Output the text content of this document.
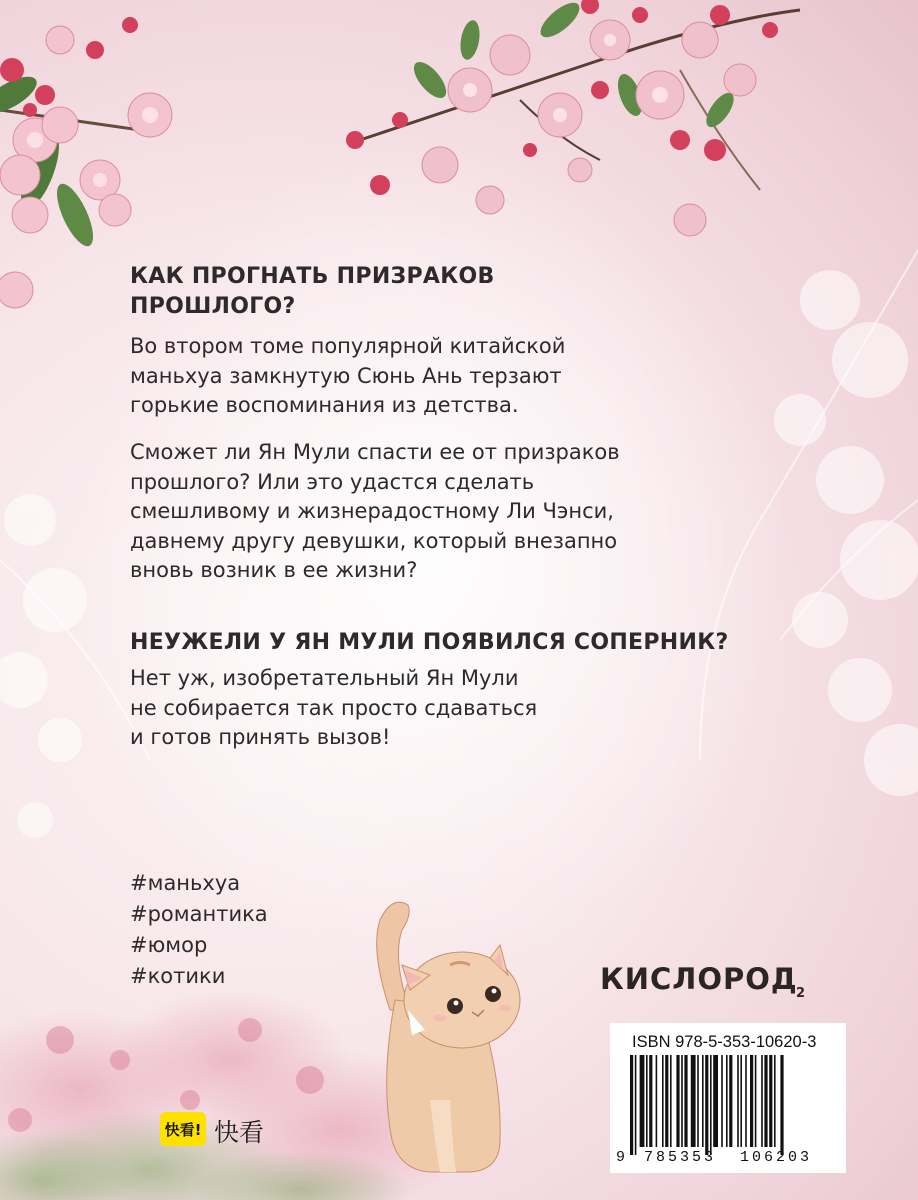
КАК ПРОГНАТЬ ПРИЗРАКОВ
ПРОШЛОГО?
Во втором томе популярной китайской
маньхуа замкнутую Сюнь Ань терзают
горькие воспоминания из детства.
Сможет ли Ян Мули спасти ее от призраков
прошлого? Или это удастся сделать
смешливому и жизнерадостному Ли Чэнси,
давнему другу девушки, который внезапно
вновь возник в ее жизни?
НЕУЖЕЛИ У ЯН МУЛИ ПОЯВИЛСЯ СОПЕРНИК?
Нет уж, изобретательный Ян Мули
не собирается так просто сдаваться
и готов принять вызов!
#маньхуа
#романтика
#юмор
#котики	КИСЛОРОД
2
ISBN 978-5-353-10620-3
9 785353 106203
快看! 快看
